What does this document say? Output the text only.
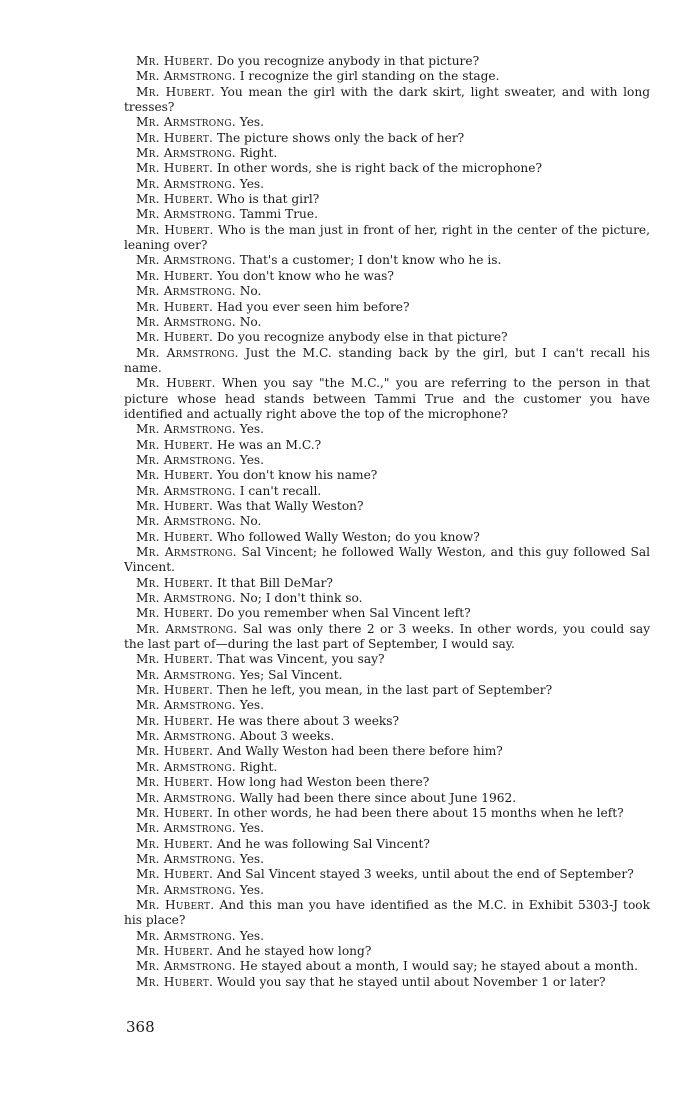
Mr. Hubert. Do you recognize anybody in that picture?

Mr. Armstrong. I recognize the girl standing on the stage.

Mr. Hubert. You mean the girl with the dark skirt, light sweater, and with long tresses?

Mr. Armstrong. Yes.

Mr. Hubert. The picture shows only the back of her?

Mr. Armstrong. Right.

Mr. Hubert. In other words, she is right back of the microphone?

Mr. Armstrong. Yes.

Mr. Hubert. Who is that girl?

Mr. Armstrong. Tammi True.

Mr. Hubert. Who is the man just in front of her, right in the center of the picture, leaning over?

Mr. Armstrong. That's a customer; I don't know who he is.

Mr. Hubert. You don't know who he was?

Mr. Armstrong. No.

Mr. Hubert. Had you ever seen him before?

Mr. Armstrong. No.

Mr. Hubert. Do you recognize anybody else in that picture?

Mr. Armstrong. Just the M.C. standing back by the girl, but I can't recall his name.

Mr. Hubert. When you say "the M.C.," you are referring to the person in that picture whose head stands between Tammi True and the customer you have identified and actually right above the top of the microphone?

Mr. Armstrong. Yes.

Mr. Hubert. He was an M.C.?

Mr. Armstrong. Yes.

Mr. Hubert. You don't know his name?

Mr. Armstrong. I can't recall.

Mr. Hubert. Was that Wally Weston?

Mr. Armstrong. No.

Mr. Hubert. Who followed Wally Weston; do you know?

Mr. Armstrong. Sal Vincent; he followed Wally Weston, and this guy followed Sal Vincent.

Mr. Hubert. It that Bill DeMar?

Mr. Armstrong. No; I don't think so.

Mr. Hubert. Do you remember when Sal Vincent left?

Mr. Armstrong. Sal was only there 2 or 3 weeks. In other words, you could say the last part of—during the last part of September, I would say.

Mr. Hubert. That was Vincent, you say?

Mr. Armstrong. Yes; Sal Vincent.

Mr. Hubert. Then he left, you mean, in the last part of September?

Mr. Armstrong. Yes.

Mr. Hubert. He was there about 3 weeks?

Mr. Armstrong. About 3 weeks.

Mr. Hubert. And Wally Weston had been there before him?

Mr. Armstrong. Right.

Mr. Hubert. How long had Weston been there?

Mr. Armstrong. Wally had been there since about June 1962.

Mr. Hubert. In other words, he had been there about 15 months when he left?

Mr. Armstrong. Yes.

Mr. Hubert. And he was following Sal Vincent?

Mr. Armstrong. Yes.

Mr. Hubert. And Sal Vincent stayed 3 weeks, until about the end of September?

Mr. Armstrong. Yes.

Mr. Hubert. And this man you have identified as the M.C. in Exhibit 5303-J took his place?

Mr. Armstrong. Yes.

Mr. Hubert. And he stayed how long?

Mr. Armstrong. He stayed about a month, I would say; he stayed about a month.

Mr. Hubert. Would you say that he stayed until about November 1 or later?

368
